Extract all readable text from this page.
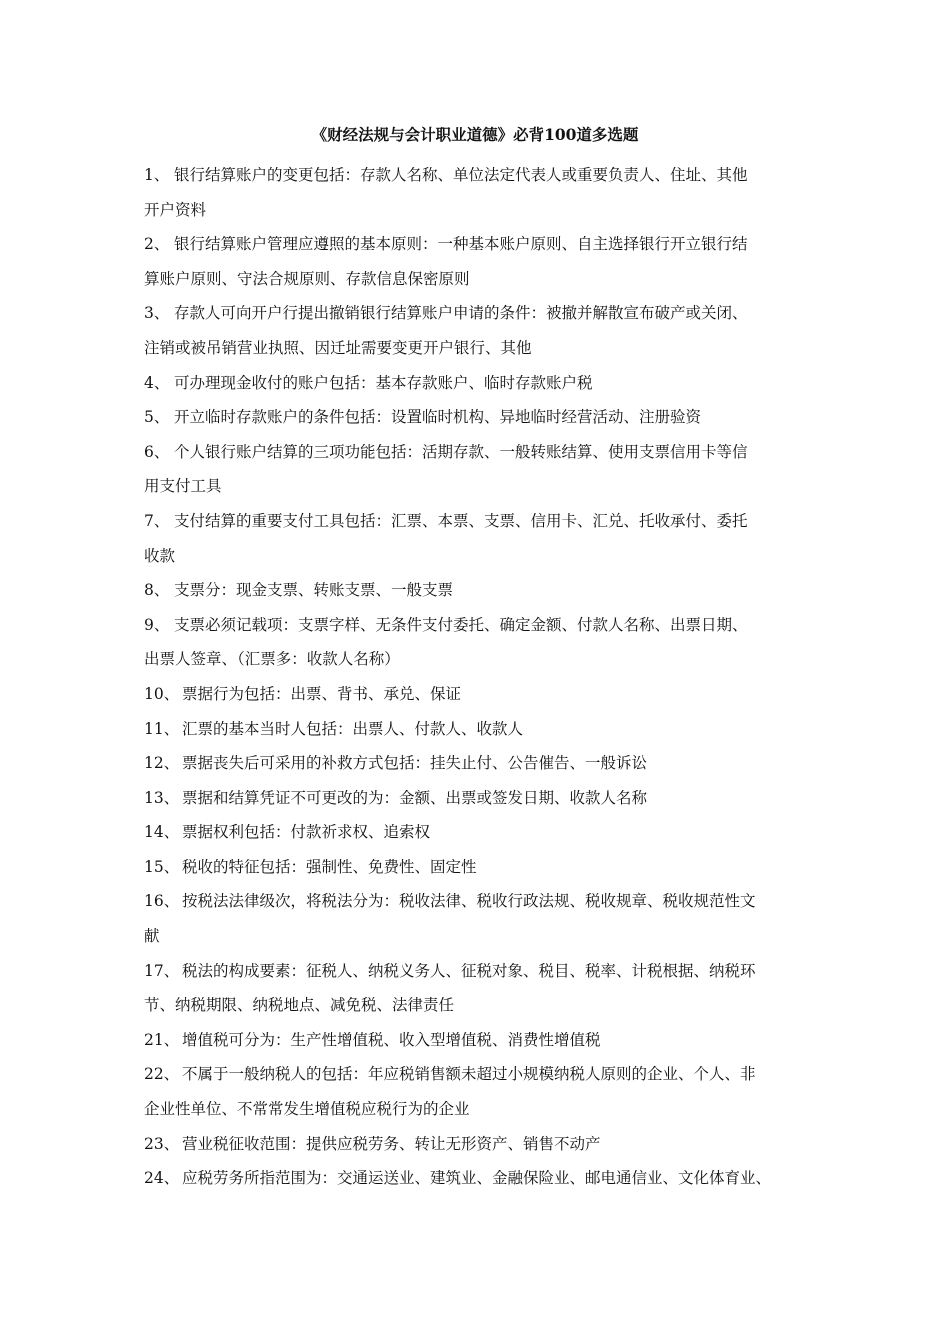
《财经法规与会计职业道德》必背100道多选题
1、 银行结算账户的变更包括：存款人名称、单位法定代表人或重要负责人、住址、其他
开户资料
2、 银行结算账户管理应遵照的基本原则：一种基本账户原则、自主选择银行开立银行结
算账户原则、守法合规原则、存款信息保密原则
3、 存款人可向开户行提出撤销银行结算账户申请的条件：被撤并解散宣布破产或关闭、
注销或被吊销营业执照、因迁址需要变更开户银行、其他
4、 可办理现金收付的账户包括：基本存款账户、临时存款账户税
5、 开立临时存款账户的条件包括：设置临时机构、异地临时经营活动、注册验资
6、 个人银行账户结算的三项功能包括：活期存款、一般转账结算、使用支票信用卡等信
用支付工具
7、 支付结算的重要支付工具包括：汇票、本票、支票、信用卡、汇兑、托收承付、委托
收款
8、 支票分：现金支票、转账支票、一般支票
9、 支票必须记载项：支票字样、无条件支付委托、确定金额、付款人名称、出票日期、
出票人签章、（汇票多：收款人名称）
10、 票据行为包括：出票、背书、承兑、保证
11、 汇票的基本当时人包括：出票人、付款人、收款人
12、 票据丧失后可采用的补救方式包括：挂失止付、公告催告、一般诉讼
13、 票据和结算凭证不可更改的为：金额、出票或签发日期、收款人名称
14、 票据权利包括：付款祈求权、追索权
15、 税收的特征包括：强制性、免费性、固定性
16、 按税法法律级次，将税法分为：税收法律、税收行政法规、税收规章、税收规范性文
献
17、 税法的构成要素：征税人、纳税义务人、征税对象、税目、税率、计税根据、纳税环
节、纳税期限、纳税地点、减免税、法律责任
21、 增值税可分为：生产性增值税、收入型增值税、消费性增值税
22、 不属于一般纳税人的包括：年应税销售额未超过小规模纳税人原则的企业、个人、非
企业性单位、不常常发生增值税应税行为的企业
23、 营业税征收范围：提供应税劳务、转让无形资产、销售不动产
24、 应税劳务所指范围为：交通运送业、建筑业、金融保险业、邮电通信业、文化体育业、
